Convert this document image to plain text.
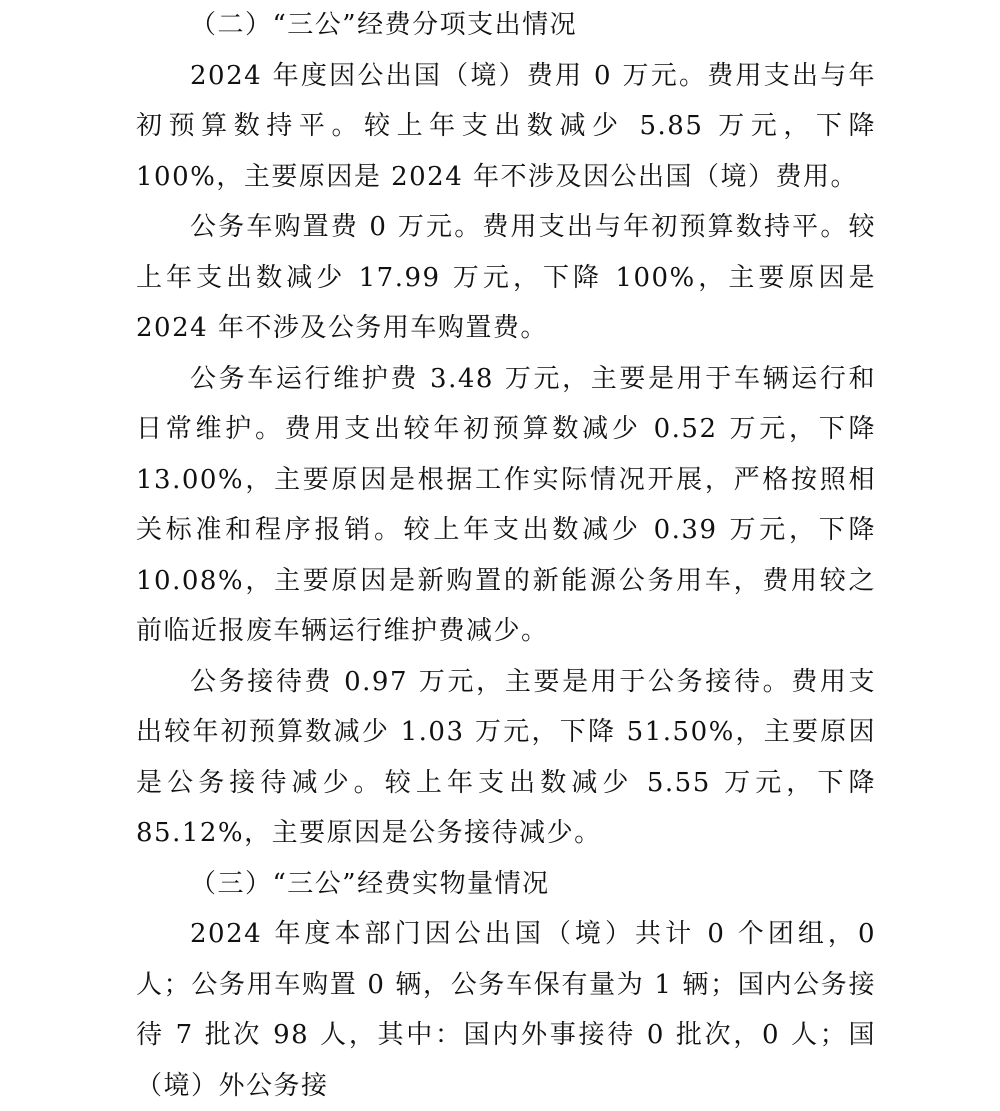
（二）“三公”经费分项支出情况

2024 年度因公出国（境）费用 0 万元。费用支出与年初预算数持平。较上年支出数减少 5.85 万元，下降 100%，主要原因是 2024 年不涉及因公出国（境）费用。

公务车购置费 0 万元。费用支出与年初预算数持平。较上年支出数减少 17.99 万元，下降 100%，主要原因是 2024 年不涉及公务用车购置费。

公务车运行维护费 3.48 万元，主要是用于车辆运行和日常维护。费用支出较年初预算数减少 0.52 万元，下降 13.00%，主要原因是根据工作实际情况开展，严格按照相关标准和程序报销。较上年支出数减少 0.39 万元，下降 10.08%，主要原因是新购置的新能源公务用车，费用较之前临近报废车辆运行维护费减少。

公务接待费 0.97 万元，主要是用于公务接待。费用支出较年初预算数减少 1.03 万元，下降 51.50%，主要原因是公务接待减少。较上年支出数减少 5.55 万元，下降 85.12%，主要原因是公务接待减少。

（三）“三公”经费实物量情况

2024 年度本部门因公出国（境）共计 0 个团组，0 人；公务用车购置 0 辆，公务车保有量为 1 辆；国内公务接待 7 批次 98 人，其中：国内外事接待 0 批次，0 人；国（境）外公务接
